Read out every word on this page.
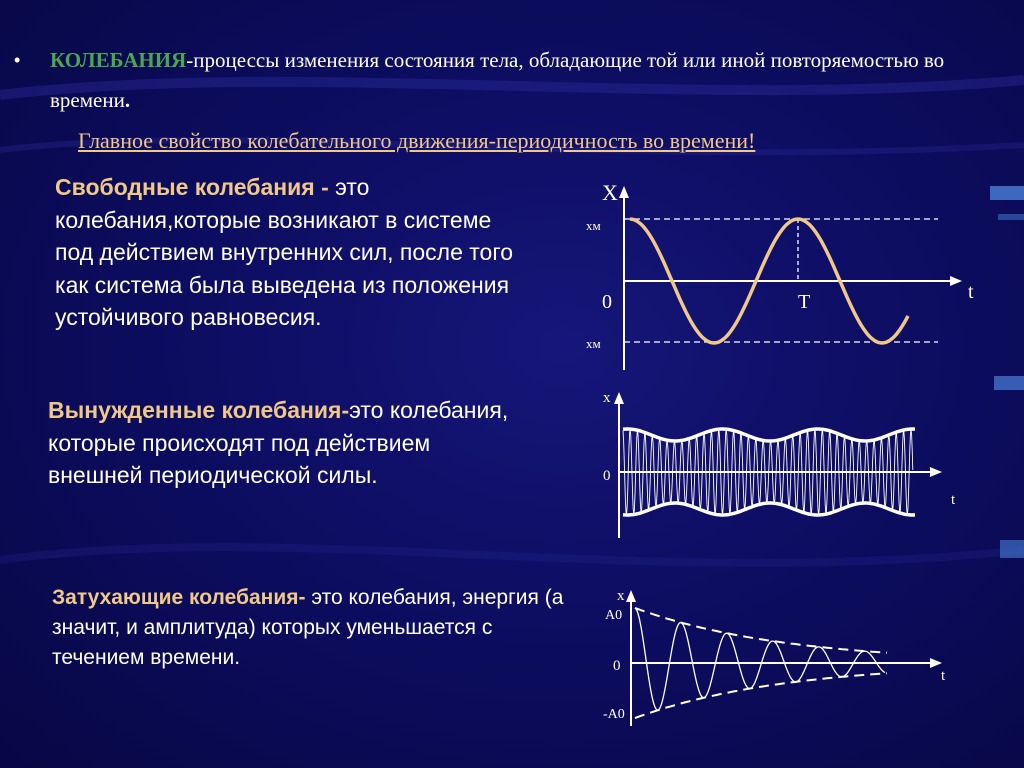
• КОЛЕБАНИЯ-процессы изменения состояния тела, обладающие той или иной повторяемостью во времени.
Главное свойство колебательного движения-периодичность во времени!
Свободные колебания - это колебания,которые возникают в системе под действием внутренних сил, после того как система была выведена из положения устойчивого равновесия.
Вынужденные колебания-это колебания, которые происходят под действием внешней периодической силы.
Затухающие колебания- это колебания, энергия (а значит, и амплитуда) которых уменьшается с течением времени.
X
t
0
хм
хм
T
x
t
0
x
t
0
A0
-A0
